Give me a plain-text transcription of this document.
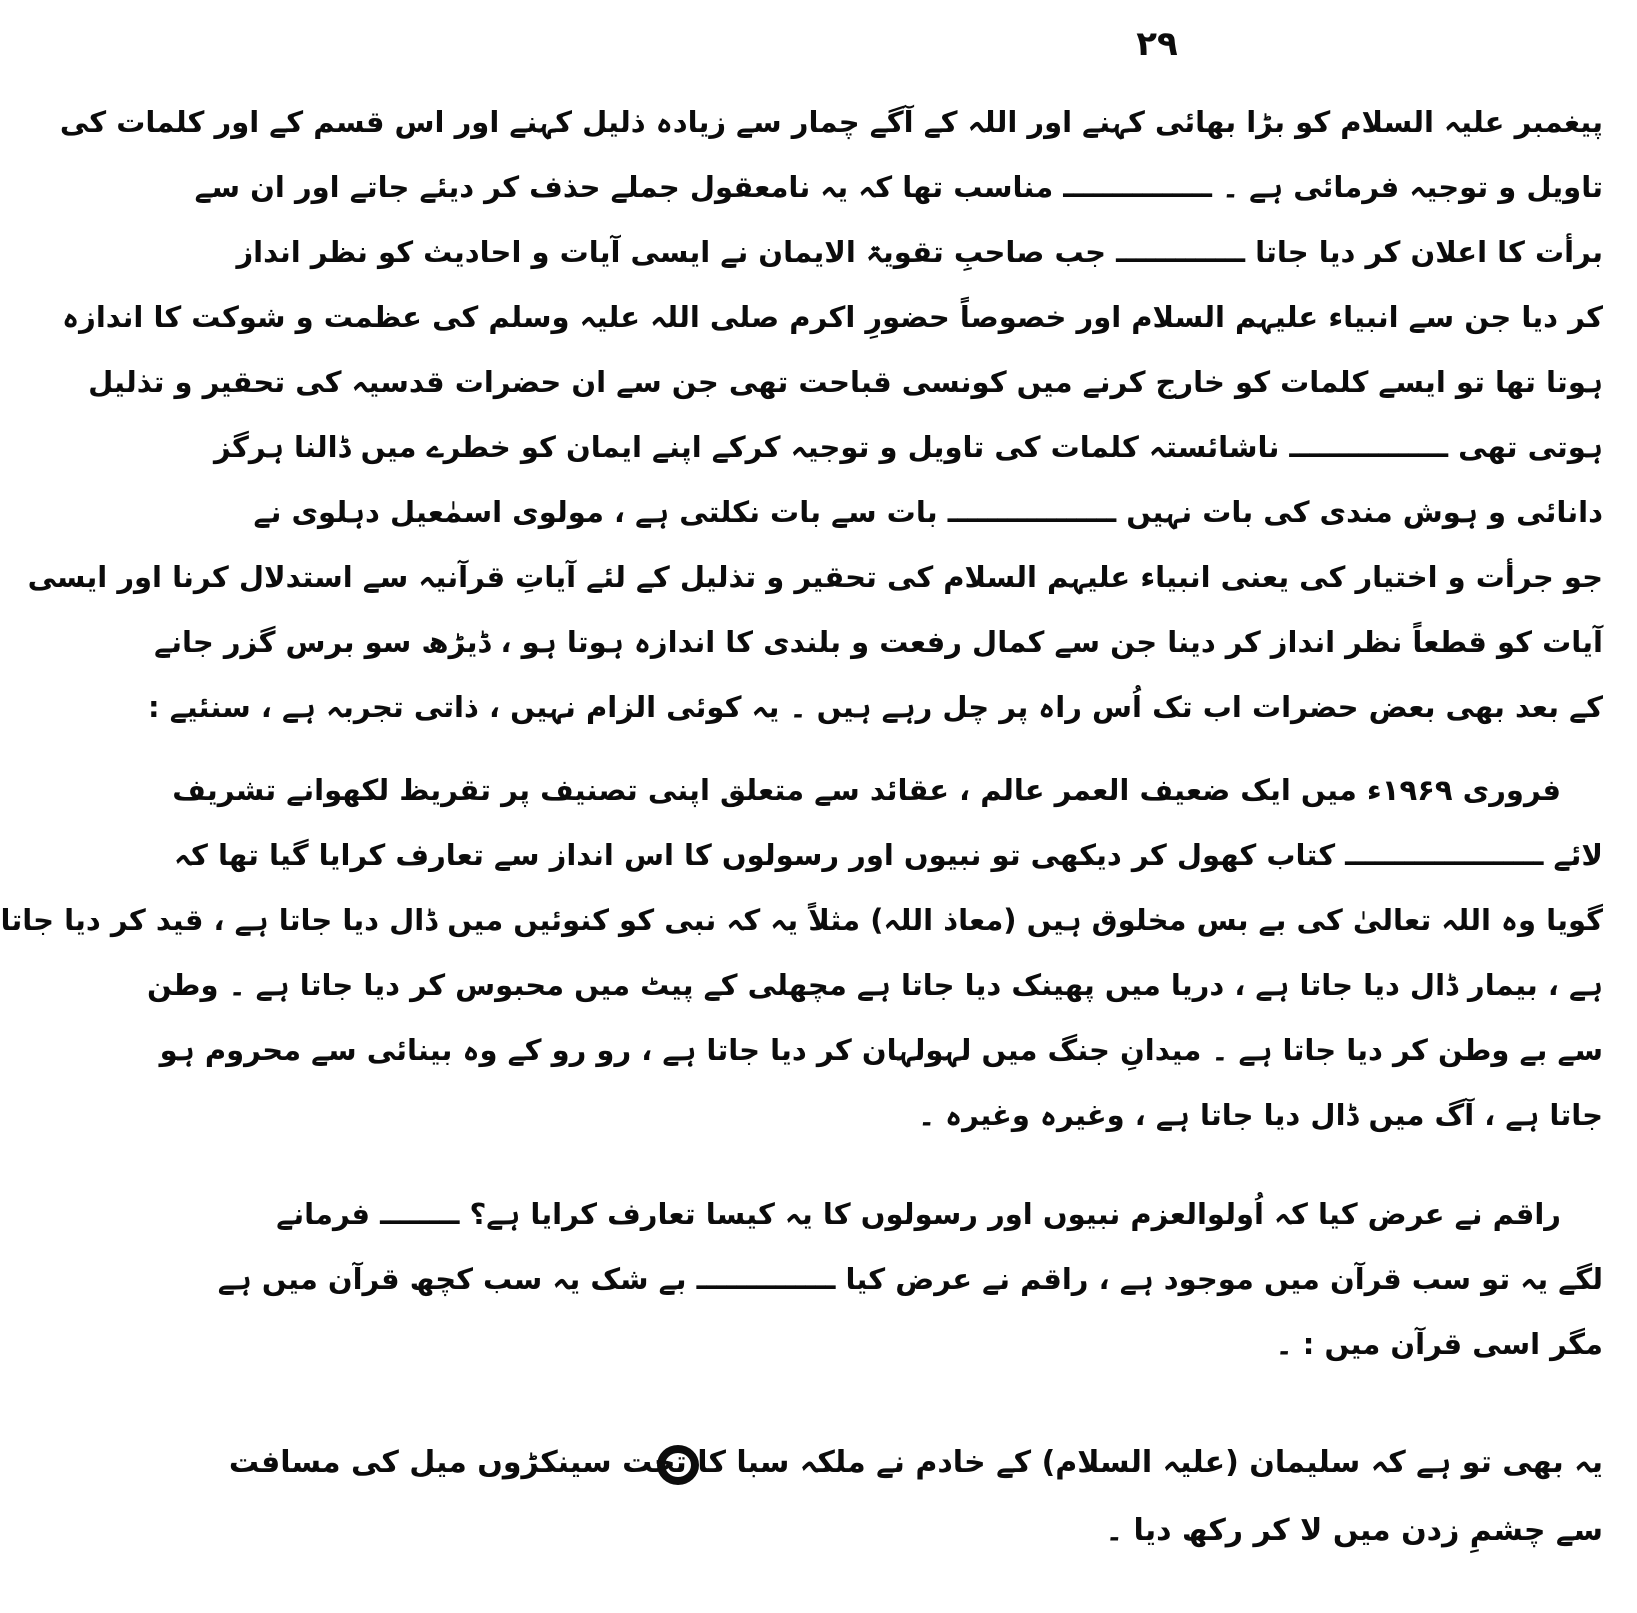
۲۹
پیغمبر علیہ السلام کو بڑا بھائی کہنے اور اللہ کے آگے چمار سے زیادہ ذلیل کہنے اور اس قسم کے اور کلمات کی
تاویل و توجیہ فرمائی ہے ۔ ـــــــــــــــ مناسب تھا کہ یہ نامعقول جملے حذف کر دیئے جاتے اور ان سے
برأت کا اعلان کر دیا جاتا ـــــــــــــ جب صاحبِ تقویۃ الایمان نے ایسی آیات و احادیث کو نظر انداز
کر دیا جن سے انبیاء علیہم السلام اور خصوصاً حضورِ اکرم صلی اللہ علیہ وسلم کی عظمت و شوکت کا اندازہ
ہوتا تھا تو ایسے کلمات کو خارج کرنے میں کونسی قباحت تھی جن سے ان حضرات قدسیہ کی تحقیر و تذلیل
ہوتی تھی ــــــــــــــــ ناشائستہ کلمات کی تاویل و توجیہ کرکے اپنے ایمان کو خطرے میں ڈالنا ہرگز
دانائی و ہوش مندی کی بات نہیں ـــــــــــــــــ بات سے بات نکلتی ہے ، مولوی اسمٰعیل دہلوی نے
جو جرأت و اختیار کی یعنی انبیاء علیہم السلام کی تحقیر و تذلیل کے لئے آیاتِ قرآنیہ سے استدلال کرنا اور ایسی
آیات کو قطعاً نظر انداز کر دینا جن سے کمال رفعت و بلندی کا اندازہ ہوتا ہو ، ڈیڑھ سو برس گزر جانے
کے بعد بھی بعض حضرات اب تک اُس راہ پر چل رہے ہیں ۔ یہ کوئی الزام نہیں ، ذاتی تجربہ ہے ، سنئیے :
فروری ۱۹۶۹ء میں ایک ضعیف العمر عالم ، عقائد سے متعلق اپنی تصنیف پر تقریظ لکھوانے تشریف
لائے ــــــــــــــــــــ کتاب کھول کر دیکھی تو نبیوں اور رسولوں کا اس انداز سے تعارف کرایا گیا تھا کہ
گویا وہ اللہ تعالیٰ کی بے بس مخلوق ہیں (معاذ اللہ) مثلاً یہ کہ نبی کو کنوئیں میں ڈال دیا جاتا ہے ، قید کر دیا جاتا
ہے ، بیمار ڈال دیا جاتا ہے ، دریا میں پھینک دیا جاتا ہے مچھلی کے پیٹ میں محبوس کر دیا جاتا ہے ۔ وطن
سے بے وطن کر دیا جاتا ہے ۔ میدانِ جنگ میں لہولہان کر دیا جاتا ہے ، رو رو کے وہ بینائی سے محروم ہو
جاتا ہے ، آگ میں ڈال دیا جاتا ہے ، وغیرہ وغیرہ ۔
راقم نے عرض کیا کہ اُولوالعزم نبیوں اور رسولوں کا یہ کیسا تعارف کرایا ہے؟ ــــــــ فرمانے
لگے یہ تو سب قرآن میں موجود ہے ، راقم نے عرض کیا ــــــــــــــ بے شک یہ سب کچھ قرآن میں ہے
مگر اسی قرآن میں : ۔
یہ بھی تو ہے کہ سلیمان (علیہ السلام) کے خادم نے ملکہ سبا کا تخت سینکڑوں میل کی مسافت
سے چشمِ زدن میں لا کر رکھ دیا ۔
